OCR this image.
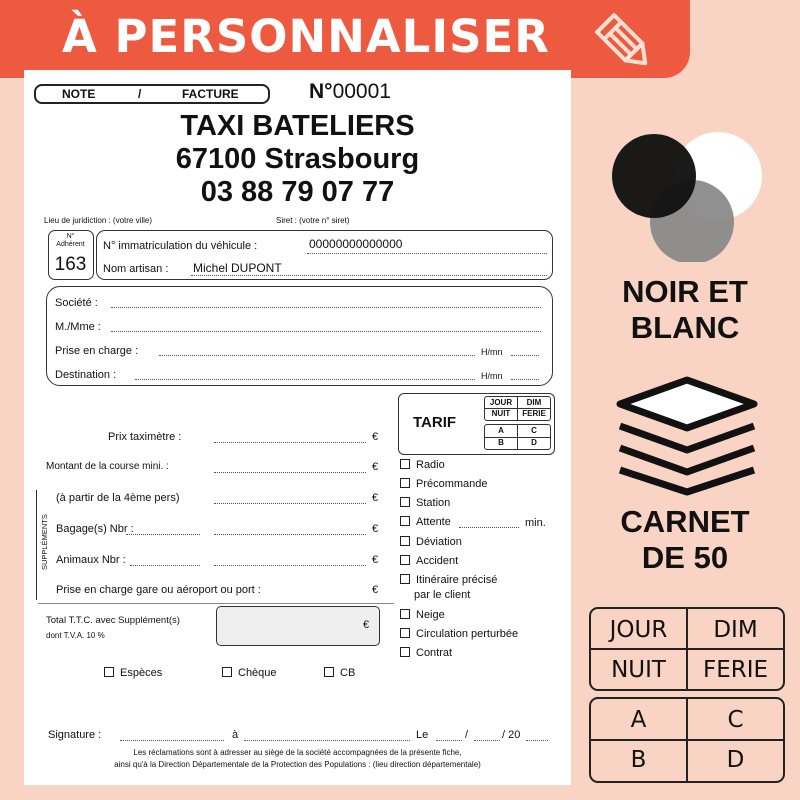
À PERSONNALISER
NOTE	/	FACTURE	N°00001
TAXI BATELIERS
67100 Strasbourg
03 88 79 07 77
Lieu de juridiction : (votre ville)	Siret : (votre n° siret)
N°
Adhérent
163
N° immatriculation du véhicule :	00000000000000
Nom artisan : Michel DUPONT
Société :
M./Mme :
Prise en charge :	H/mn
Destination :	H/mn
TARIF
JOUR	DIM
NUIT	FERIE
A	C
B	D
Prix taximètre :	€
Montant de la course mini. :	€
SUPPLÉMENTS
(à partir de la 4ème pers)	€
Bagage(s) Nbr :	€
Animaux Nbr :	€
Prise en charge gare ou aéroport ou port :	€
Radio
Précommande
Station
Attente	min.
Déviation
Accident
Itinéraire précisé
par le client
Neige
Circulation perturbée
Contrat
Total T.T.C. avec Supplément(s)
dont T.V.A. 10 %
€
Espèces	Chèque	CB
Signature :	à	Le	/	/ 20
Les réclamations sont à adresser au siège de la société accompagnées de la présente fiche,
ainsi qu'à la Direction Départementale de la Protection des Populations : (lieu direction départementale)
NOIR ET
BLANC
CARNET
DE 50
JOUR	DIM
NUIT	FERIE
A	C
B	D
